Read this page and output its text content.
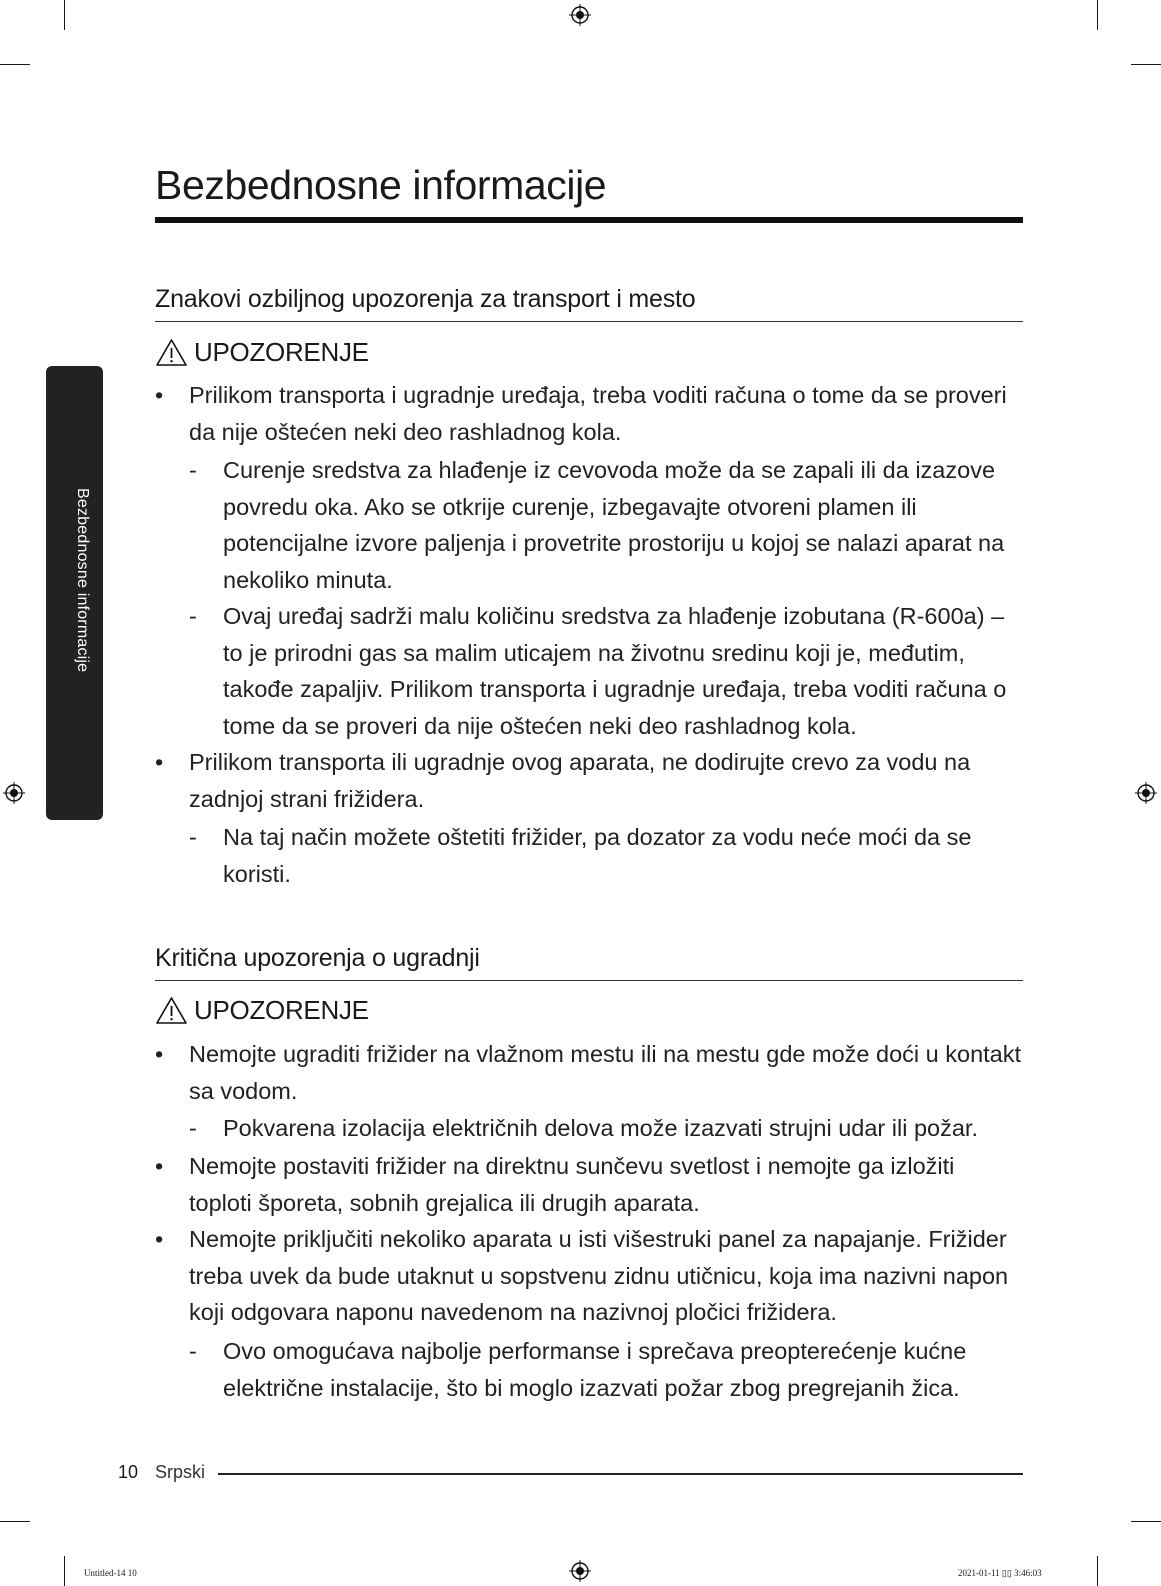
Bezbednosne informacije
Bezbednosne informacije
Znakovi ozbiljnog upozorenja za transport i mesto
UPOZORENJE
•	Prilikom transporta i ugradnje uređaja, treba voditi računa o tome da se proveri da nije oštećen neki deo rashladnog kola.
- Curenje sredstva za hlađenje iz cevovoda može da se zapali ili da izazove povredu oka. Ako se otkrije curenje, izbegavajte otvoreni plamen ili potencijalne izvore paljenja i provetrite prostoriju u kojoj se nalazi aparat na nekoliko minuta.
- Ovaj uređaj sadrži malu količinu sredstva za hlađenje izobutana (R-600a) – to je prirodni gas sa malim uticajem na životnu sredinu koji je, međutim, takođe zapaljiv. Prilikom transporta i ugradnje uređaja, treba voditi računa o tome da se proveri da nije oštećen neki deo rashladnog kola.
•	Prilikom transporta ili ugradnje ovog aparata, ne dodirujte crevo za vodu na zadnjoj strani frižidera.
- Na taj način možete oštetiti frižider, pa dozator za vodu neće moći da se koristi.
Kritična upozorenja o ugradnji
UPOZORENJE
•	Nemojte ugraditi frižider na vlažnom mestu ili na mestu gde može doći u kontakt sa vodom.
- Pokvarena izolacija električnih delova može izazvati strujni udar ili požar.
•	Nemojte postaviti frižider na direktnu sunčevu svetlost i nemojte ga izložiti toploti šporeta, sobnih grejalica ili drugih aparata.
•	Nemojte priključiti nekoliko aparata u isti višestruki panel za napajanje. Frižider treba uvek da bude utaknut u sopstvenu zidnu utičnicu, koja ima nazivni napon koji odgovara naponu navedenom na nazivnoj pločici frižidera.
- Ovo omogućava najbolje performanse i sprečava preopterećenje kućne električne instalacije, što bi moglo izazvati požar zbog pregrejanih žica.
10 Srpski
Untitled-14 10	2021-01-11 ▯▯ 3:46:03
